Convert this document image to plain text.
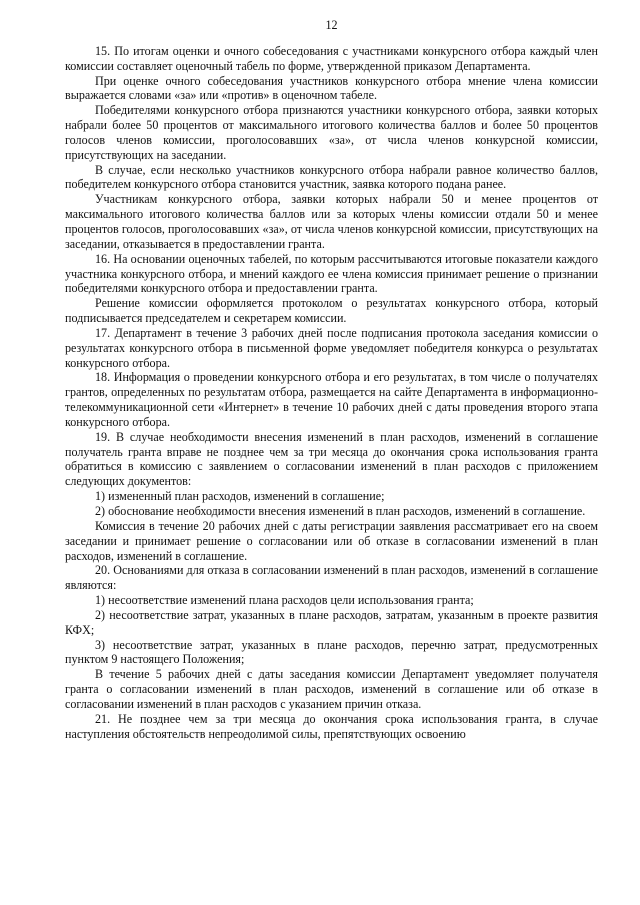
12

15. По итогам оценки и очного собеседования с участниками конкурсного отбора каждый член комиссии составляет оценочный табель по форме, утвержденной приказом Департамента.

При оценке очного собеседования участников конкурсного отбора мнение члена комиссии выражается словами «за» или «против» в оценочном табеле.

Победителями конкурсного отбора признаются участники конкурсного отбора, заявки которых набрали более 50 процентов от максимального итогового количества баллов и более 50 процентов голосов членов комиссии, проголосовавших «за», от числа членов конкурсной комиссии, присутствующих на заседании.

В случае, если несколько участников конкурсного отбора набрали равное количество баллов, победителем конкурсного отбора становится участник, заявка которого подана ранее.

Участникам конкурсного отбора, заявки которых набрали 50 и менее процентов от максимального итогового количества баллов или за которых члены комиссии отдали 50 и менее процентов голосов, проголосовавших «за», от числа членов конкурсной комиссии, присутствующих на заседании, отказывается в предоставлении гранта.

16. На основании оценочных табелей, по которым рассчитываются итоговые показатели каждого участника конкурсного отбора, и мнений каждого ее члена комиссия принимает решение о признании победителями конкурсного отбора и предоставлении гранта.

Решение комиссии оформляется протоколом о результатах конкурсного отбора, который подписывается председателем и секретарем комиссии.

17. Департамент в течение 3 рабочих дней после подписания протокола заседания комиссии о результатах конкурсного отбора в письменной форме уведомляет победителя конкурса о результатах конкурсного отбора.

18. Информация о проведении конкурсного отбора и его результатах, в том числе о получателях грантов, определенных по результатам отбора, размещается на сайте Департамента в информационно-телекоммуникационной сети «Интернет» в течение 10 рабочих дней с даты проведения второго этапа конкурсного отбора.

19. В случае необходимости внесения изменений в план расходов, изменений в соглашение получатель гранта вправе не позднее чем за три месяца до окончания срока использования гранта обратиться в комиссию с заявлением о согласовании изменений в план расходов с приложением следующих документов:

1) измененный план расходов, изменений в соглашение;

2) обоснование необходимости внесения изменений в план расходов, изменений в соглашение.

Комиссия в течение 20 рабочих дней с даты регистрации заявления рассматривает его на своем заседании и принимает решение о согласовании или об отказе в согласовании изменений в план расходов, изменений в соглашение.

20. Основаниями для отказа в согласовании изменений в план расходов, изменений в соглашение являются:

1) несоответствие изменений плана расходов цели использования гранта;

2) несоответствие затрат, указанных в плане расходов, затратам, указанным в проекте развития КФХ;

3) несоответствие затрат, указанных в плане расходов, перечню затрат, предусмотренных пунктом 9 настоящего Положения;

В течение 5 рабочих дней с даты заседания комиссии Департамент уведомляет получателя гранта о согласовании изменений в план расходов, изменений в соглашение или об отказе в согласовании изменений в план расходов с указанием причин отказа.

21. Не позднее чем за три месяца до окончания срока использования гранта, в случае наступления обстоятельств непреодолимой силы, препятствующих освоению
